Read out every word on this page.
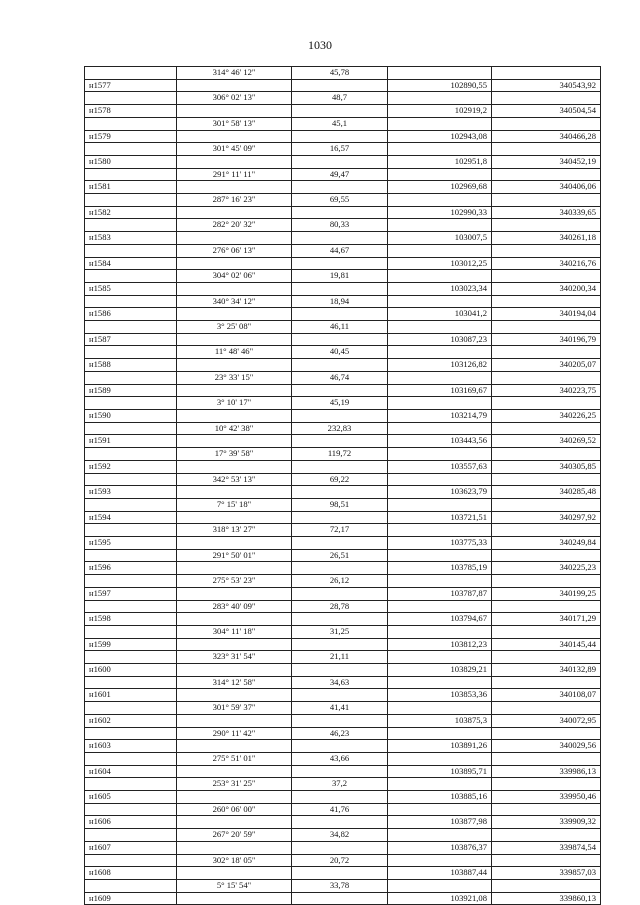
1030
	314° 46' 12"	45,78		
н1577			102890,55	340543,92
	306° 02' 13"	48,7		
н1578			102919,2	340504,54
	301° 58' 13"	45,1		
н1579			102943,08	340466,28
	301° 45' 09"	16,57		
н1580			102951,8	340452,19
	291° 11' 11"	49,47		
н1581			102969,68	340406,06
	287° 16' 23"	69,55		
н1582			102990,33	340339,65
	282° 20' 32"	80,33		
н1583			103007,5	340261,18
	276° 06' 13"	44,67		
н1584			103012,25	340216,76
	304° 02' 06"	19,81		
н1585			103023,34	340200,34
	340° 34' 12"	18,94		
н1586			103041,2	340194,04
	3° 25' 08"	46,11		
н1587			103087,23	340196,79
	11° 48' 46"	40,45		
н1588			103126,82	340205,07
	23° 33' 15"	46,74		
н1589			103169,67	340223,75
	3° 10' 17"	45,19		
н1590			103214,79	340226,25
	10° 42' 38"	232,83		
н1591			103443,56	340269,52
	17° 39' 58"	119,72		
н1592			103557,63	340305,85
	342° 53' 13"	69,22		
н1593			103623,79	340285,48
	7° 15' 18"	98,51		
н1594			103721,51	340297,92
	318° 13' 27"	72,17		
н1595			103775,33	340249,84
	291° 50' 01"	26,51		
н1596			103785,19	340225,23
	275° 53' 23"	26,12		
н1597			103787,87	340199,25
	283° 40' 09"	28,78		
н1598			103794,67	340171,29
	304° 11' 18"	31,25		
н1599			103812,23	340145,44
	323° 31' 54"	21,11		
н1600			103829,21	340132,89
	314° 12' 58"	34,63		
н1601			103853,36	340108,07
	301° 59' 37"	41,41		
н1602			103875,3	340072,95
	290° 11' 42"	46,23		
н1603			103891,26	340029,56
	275° 51' 01"	43,66		
н1604			103895,71	339986,13
	253° 31' 25"	37,2		
н1605			103885,16	339950,46
	260° 06' 00"	41,76		
н1606			103877,98	339909,32
	267° 20' 59"	34,82		
н1607			103876,37	339874,54
	302° 18' 05"	20,72		
н1608			103887,44	339857,03
	5° 15' 54"	33,78		
н1609			103921,08	339860,13
